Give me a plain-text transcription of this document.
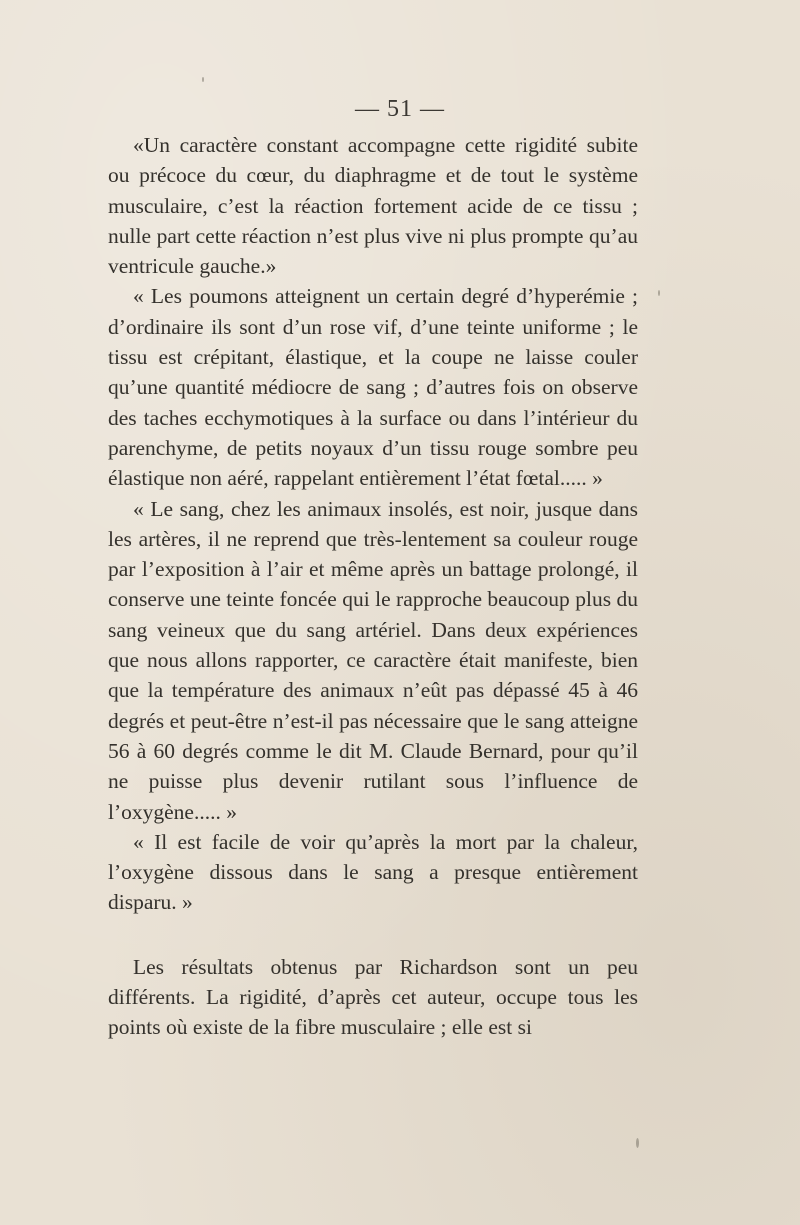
— 51 —

«Un caractère constant accompagne cette rigidité subite ou précoce du cœur, du diaphragme et de tout le système musculaire, c’est la réaction fortement acide de ce tissu ; nulle part cette réaction n’est plus vive ni plus prompte qu’au ventricule gauche.»

« Les poumons atteignent un certain degré d’hyperémie ; d’ordinaire ils sont d’un rose vif, d’une teinte uniforme ; le tissu est crépitant, élastique, et la coupe ne laisse couler qu’une quantité médiocre de sang ; d’autres fois on observe des taches ecchymotiques à la surface ou dans l’intérieur du parenchyme, de petits noyaux d’un tissu rouge sombre peu élastique non aéré, rappelant entièrement l’état fœtal..... »

« Le sang, chez les animaux insolés, est noir, jusque dans les artères, il ne reprend que très-lentement sa couleur rouge par l’exposition à l’air et même après un battage prolongé, il conserve une teinte foncée qui le rapproche beaucoup plus du sang veineux que du sang artériel. Dans deux expériences que nous allons rapporter, ce caractère était manifeste, bien que la température des animaux n’eût pas dépassé 45 à 46 degrés et peut-être n’est-il pas nécessaire que le sang atteigne 56 à 60 degrés comme le dit M. Claude Bernard, pour qu’il ne puisse plus devenir rutilant sous l’influence de l’oxygène..... »

« Il est facile de voir qu’après la mort par la chaleur, l’oxygène dissous dans le sang a presque entièrement disparu. »

Les résultats obtenus par Richardson sont un peu différents. La rigidité, d’après cet auteur, occupe tous les points où existe de la fibre musculaire ; elle est si
